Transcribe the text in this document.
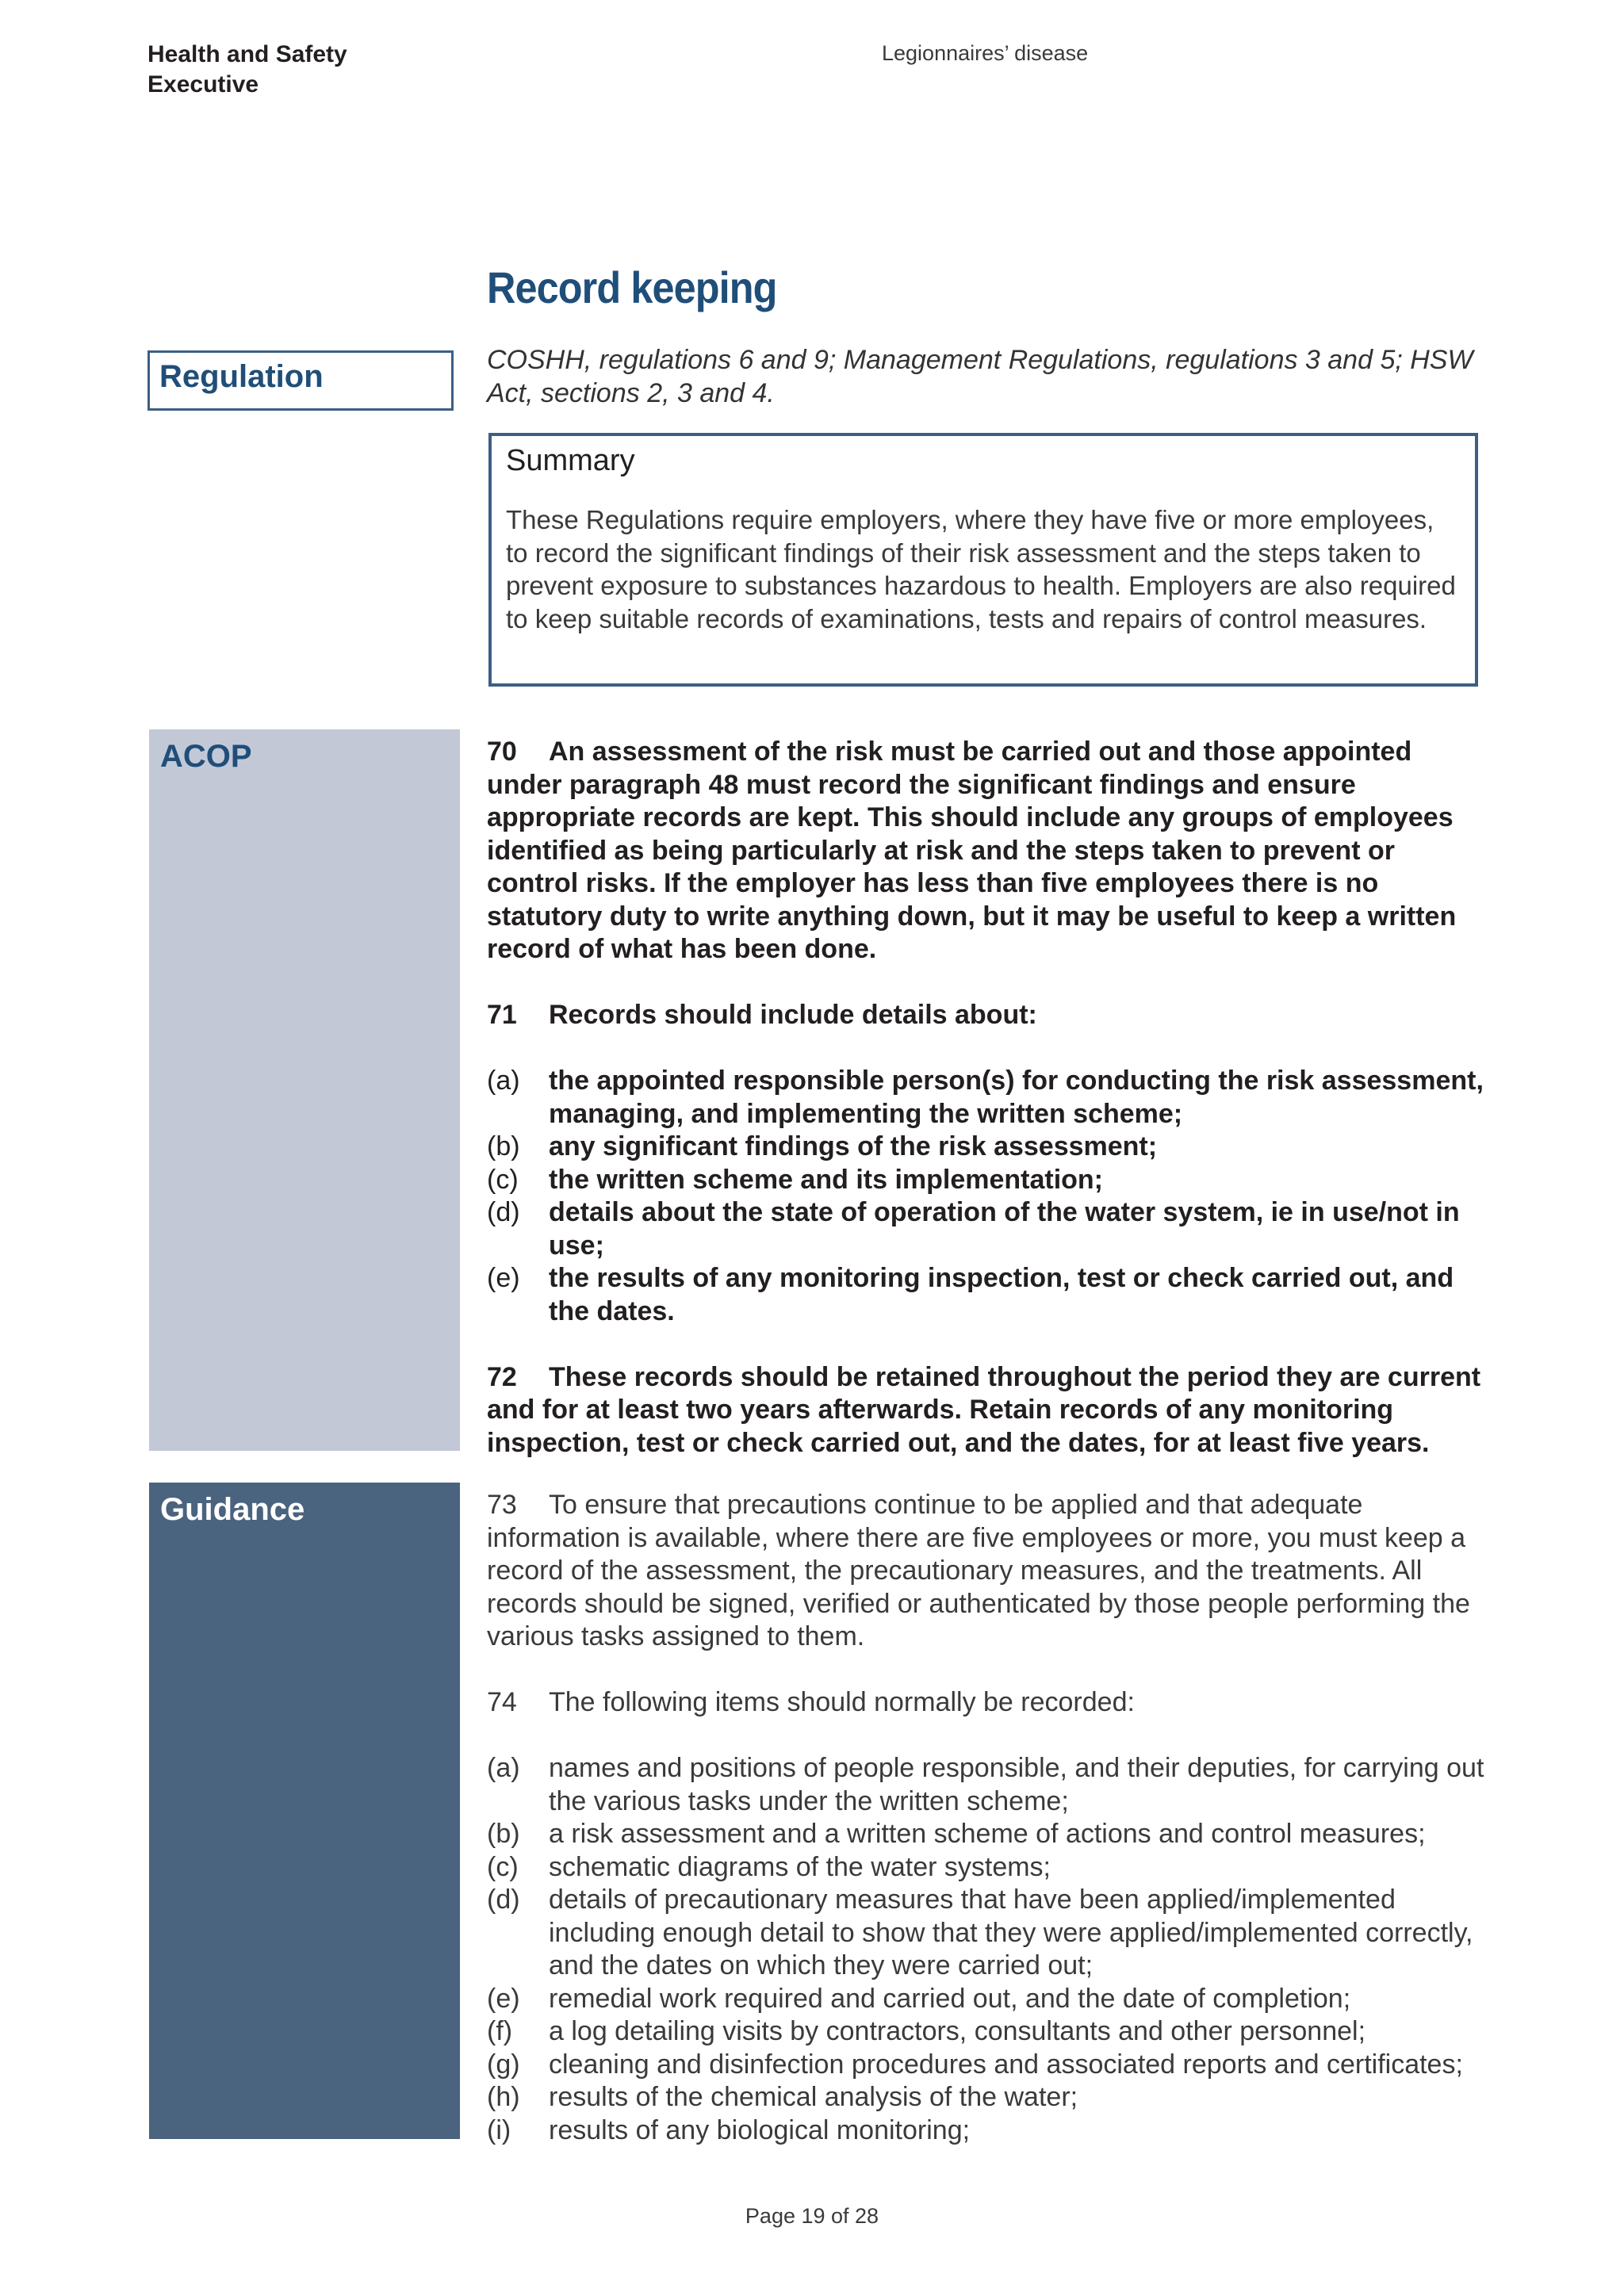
Health and Safety
Executive
Legionnaires’ disease
Record keeping
Regulation	COSHH, regulations 6 and 9; Management Regulations, regulations 3 and 5; HSW Act, sections 2, 3 and 4.
Summary
These Regulations require employers, where they have five or more employees, to record the significant findings of their risk assessment and the steps taken to prevent exposure to substances hazardous to health. Employers are also required to keep suitable records of examinations, tests and repairs of control measures.
ACOP	70 An assessment of the risk must be carried out and those appointed under paragraph 48 must record the significant findings and ensure appropriate records are kept. This should include any groups of employees identified as being particularly at risk and the steps taken to prevent or control risks. If the employer has less than five employees there is no statutory duty to write anything down, but it may be useful to keep a written record of what has been done.

71 Records should include details about:

(a) the appointed responsible person(s) for conducting the risk assessment, managing, and implementing the written scheme;
(b) any significant findings of the risk assessment;
(c) the written scheme and its implementation;
(d) details about the state of operation of the water system, ie in use/not in use;
(e) the results of any monitoring inspection, test or check carried out, and the dates.

72 These records should be retained throughout the period they are current and for at least two years afterwards. Retain records of any monitoring inspection, test or check carried out, and the dates, for at least five years.

Guidance	73 To ensure that precautions continue to be applied and that adequate information is available, where there are five employees or more, you must keep a record of the assessment, the precautionary measures, and the treatments. All records should be signed, verified or authenticated by those people performing the various tasks assigned to them.

74 The following items should normally be recorded:

(a) names and positions of people responsible, and their deputies, for carrying out the various tasks under the written scheme;
(b) a risk assessment and a written scheme of actions and control measures;
(c) schematic diagrams of the water systems;
(d) details of precautionary measures that have been applied/implemented including enough detail to show that they were applied/implemented correctly, and the dates on which they were carried out;
(e) remedial work required and carried out, and the date of completion;
(f) a log detailing visits by contractors, consultants and other personnel;
(g) cleaning and disinfection procedures and associated reports and certificates;
(h) results of the chemical analysis of the water;
(i) results of any biological monitoring;
Page 19 of 28
